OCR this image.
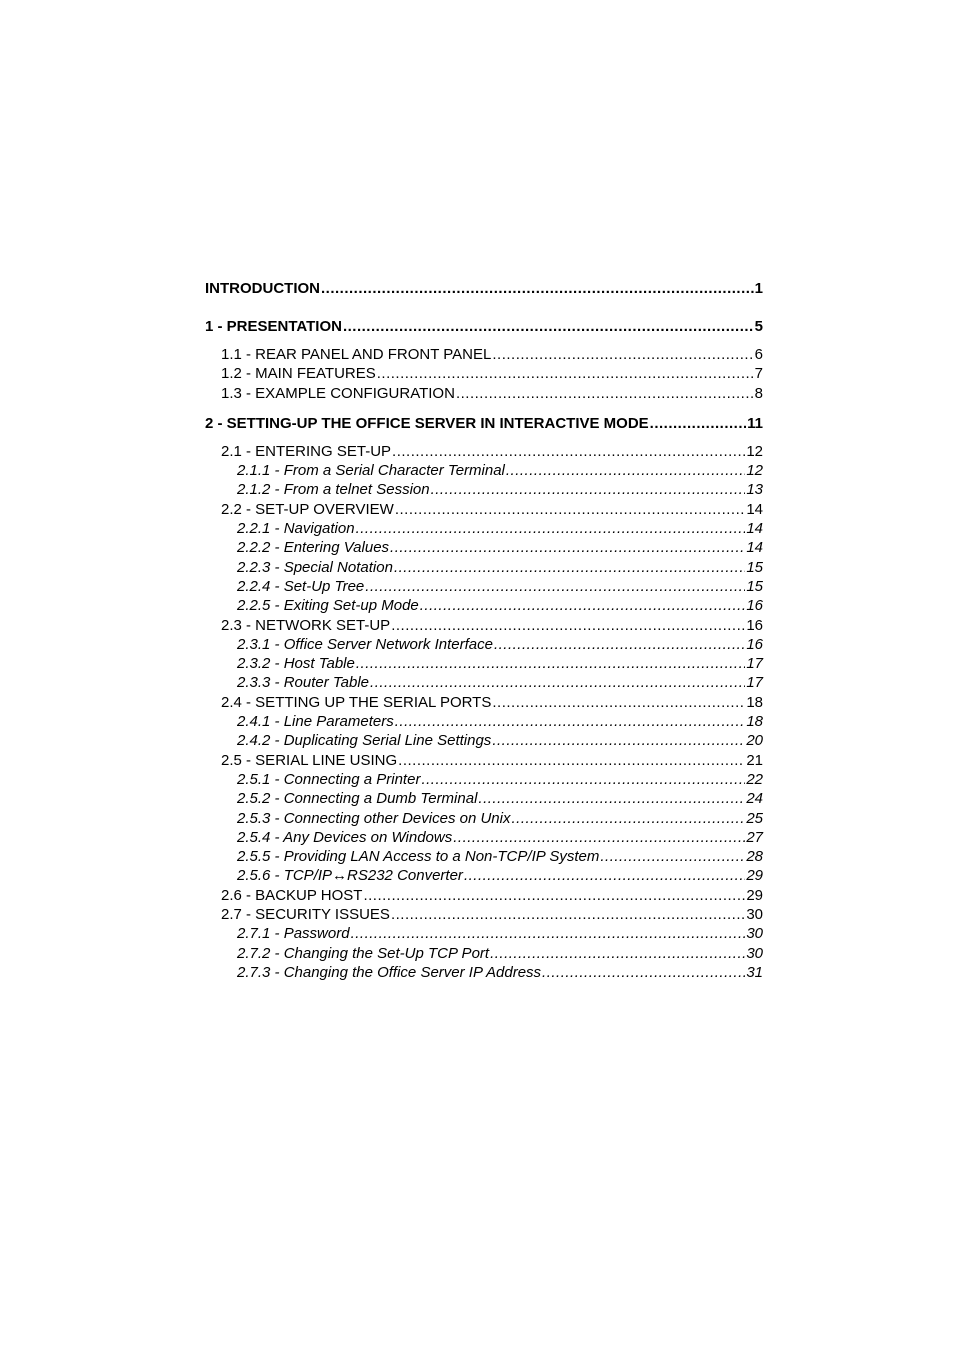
INTRODUCTION .....	1
1 - PRESENTATION .....	5
1.1 - REAR PANEL AND FRONT PANEL .....	6
1.2 - MAIN FEATURES .....	7
1.3 - EXAMPLE CONFIGURATION .....	8
2 - SETTING-UP THE OFFICE SERVER IN INTERACTIVE MODE .....	11
2.1 - ENTERING SET-UP .....	12
2.1.1 - From a Serial Character Terminal .....	12
2.1.2 - From a telnet Session .....	13
2.2 - SET-UP OVERVIEW .....	14
2.2.1 - Navigation .....	14
2.2.2 - Entering Values .....	14
2.2.3 - Special Notation .....	15
2.2.4 - Set-Up Tree .....	15
2.2.5 - Exiting Set-up Mode .....	16
2.3 - NETWORK SET-UP .....	16
2.3.1 - Office Server Network Interface .....	16
2.3.2 - Host Table .....	17
2.3.3 - Router Table .....	17
2.4 - SETTING UP THE SERIAL PORTS .....	18
2.4.1 - Line Parameters .....	18
2.4.2 - Duplicating Serial Line Settings .....	20
2.5 - SERIAL LINE USING .....	21
2.5.1 - Connecting a Printer .....	22
2.5.2 - Connecting a Dumb Terminal .....	24
2.5.3 - Connecting other Devices on Unix .....	25
2.5.4 - Any Devices on Windows .....	27
2.5.5 - Providing LAN Access to a Non-TCP/IP System .....	28
2.5.6 - TCP/IP↔RS232 Converter .....	29
2.6 - BACKUP HOST .....	29
2.7 - SECURITY ISSUES .....	30
2.7.1 - Password .....	30
2.7.2 - Changing the Set-Up TCP Port .....	30
2.7.3 - Changing the Office Server IP Address .....	31
